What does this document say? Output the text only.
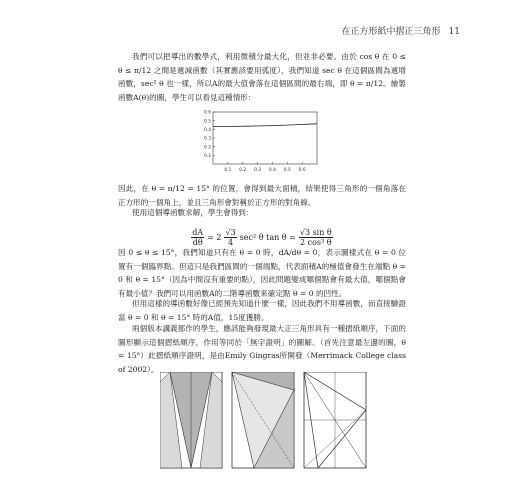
在正方形紙中摺正三角形 11
我們可以把導出的數學式，利用微積分最大化，但並非必要。由於 cos θ 在 0 ≤ θ ≤ π/12 之間是遞減函數（其實應該要用弧度），我們知道 sec θ 在這個區間為遞增函數，sec² θ 也一樣，所以A的最大值會落在這個區間的最右端，即 θ = π/12。繪製函數A(θ)的圖，學生可以看見這種情形：
0.1
0.2
0.3
0.4
0.5
0.6
0.1 0.2 0.3 0.4 0.5 0.6
因此，在 θ = π/12 = 15° 的位置，會得到最大面積，結果使得三角形的一個角落在正方形的一個角上，並且三角形會對稱於正方形的對角線。
使用這個導函數求解，學生會得到：
$\frac{dA}{d\theta} = 2 \frac{√3}{4} \sec^2$ θ $\tan \theta = \frac{\text{√3 sin θ}}{\text{2 cos³ θ}}$
因 0 ≤ θ ≤ 15°，我們知道只有在 θ = 0 時，dA/dθ = 0，表示圖樣式在 θ = 0 位置有一個臨界點。但這只是我們區間的一個端點，代表面積A的極值會發生在端點 θ = 0 和 θ = 15°（因為中間沒有重要的點），因此問題變成哪個點會有最大值，哪個點會有最小值？我們可以用函數A的二階導函數來確定點 θ = 0 的凹性。
但用這樣的導函數好像已經預先知道什麼一樣，因此我們不用導函數，而直接驗證當 θ = 0 和 θ = 15° 時的A值，15度獲勝。
兩個版本講義都作的學生，應該能夠發現最大正三角形具有一種摺紙順序，下面的圖形顯示這個摺紙順序，作用等同於「無字證明」的圖解。（首先注意最左邊的圖，θ = 15°）此摺紙順序證明，是由Emily Gingras所開發（Merrimack College class of 2002）。
